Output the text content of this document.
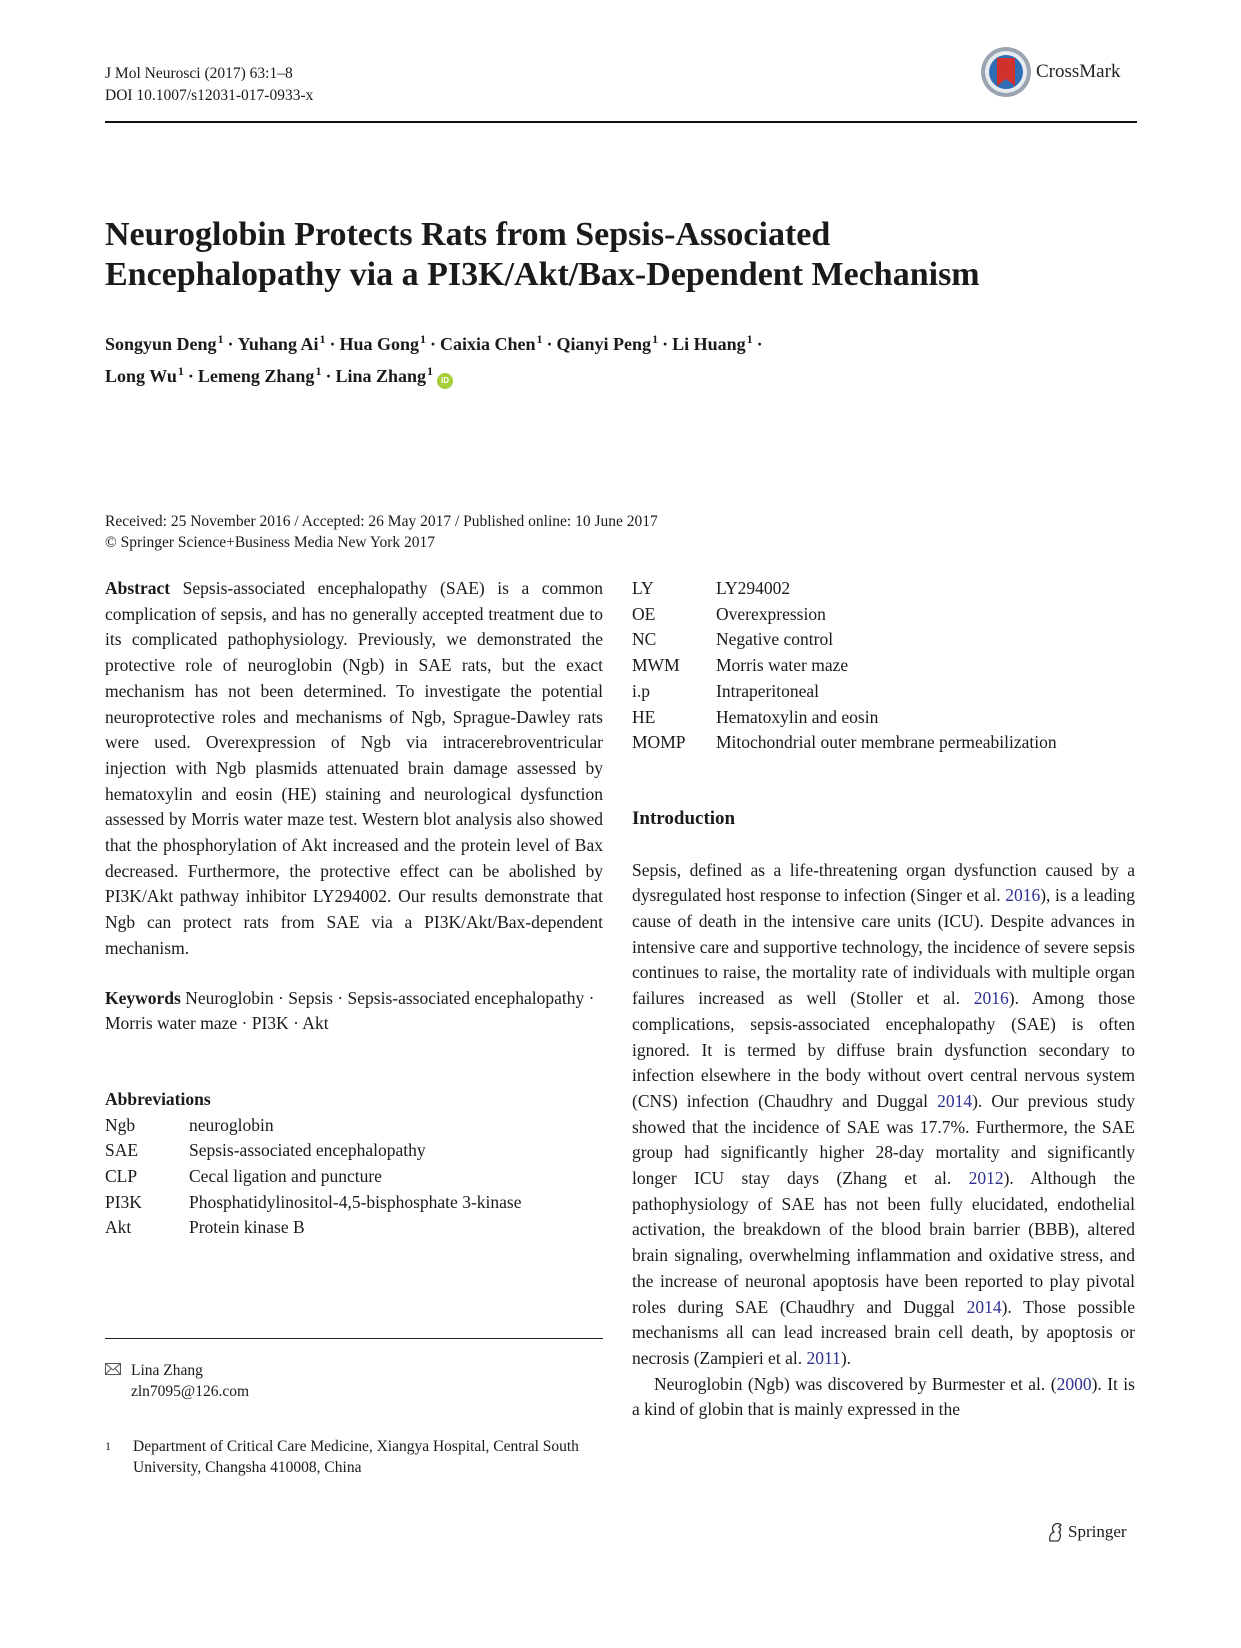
J Mol Neurosci (2017) 63:1–8
DOI 10.1007/s12031-017-0933-x
CrossMark
Neuroglobin Protects Rats from Sepsis-Associated
Encephalopathy via a PI3K/Akt/Bax-Dependent Mechanism
Songyun Deng$^1$ · Yuhang $Ai^1$ · Hua Gong$^1$ · Caixia Chen$^1$ · Qianyi Peng$^1$ · Li Huang$^1$ ·
Long $Wu^1$ · Lemeng Zhang$^1$ · Lina Zhang$^1$iD
Received: 25 November 2016 / Accepted: 26 May 2017 / Published online: 10 June 2017
© Springer Science+Business Media New York 2017

Abstract Sepsis-associated encephalopathy (SAE) is a common complication of sepsis, and has no generally accepted treatment due to its complicated pathophysiology. Previously, we demonstrated the protective role of neuroglobin (Ngb) in SAE rats, but the exact mechanism has not been determined. To investigate the potential neuroprotective roles and mechanisms of Ngb, Sprague-Dawley rats were used. Overexpression of Ngb via intracerebroventricular injection with Ngb plasmids attenuated brain damage assessed by hematoxylin and eosin (HE) staining and neurological dysfunction assessed by Morris water maze test. Western blot analysis also showed that the phosphorylation of Akt increased and the protein level of Bax decreased. Furthermore, the protective effect can be abolished by PI3K/Akt pathway inhibitor LY294002. Our results demonstrate that Ngb can protect rats from SAE via a PI3K/Akt/Bax-dependent mechanism.

Keywords Neuroglobin · Sepsis · Sepsis-associated encephalopathy · Morris water maze · PI3K · Akt

Abbreviations
Ngb	neuroglobin
SAE	Sepsis-associated encephalopathy
CLP	Cecal ligation and puncture
PI3K	Phosphatidylinositol-4,5-bisphosphate 3-kinase
Akt	Protein kinase B
Lina Zhang
zln7095@126.com
1 Department of Critical Care Medicine, Xiangya Hospital, Central South University, Changsha 410008, China
LY	LY294002
OE	Overexpression
NC	Negative control
MWM	Morris water maze
i.p	Intraperitoneal
HE	Hematoxylin and eosin
MOMP	Mitochondrial outer membrane permeabilization
Introduction

Sepsis, defined as a life-threatening organ dysfunction caused by a dysregulated host response to infection (Singer et al. 2016), is a leading cause of death in the intensive care units (ICU). Despite advances in intensive care and supportive technology, the incidence of severe sepsis continues to raise, the mortality rate of individuals with multiple organ failures increased as well (Stoller et al. 2016). Among those complications, sepsis-associated encephalopathy (SAE) is often ignored. It is termed by diffuse brain dysfunction secondary to infection elsewhere in the body without overt central nervous system (CNS) infection (Chaudhry and Duggal 2014). Our previous study showed that the incidence of SAE was 17.7%. Furthermore, the SAE group had significantly higher 28-day mortality and significantly longer ICU stay days (Zhang et al. 2012). Although the pathophysiology of SAE has not been fully elucidated, endothelial activation, the breakdown of the blood brain barrier (BBB), altered brain signaling, overwhelming inflammation and oxidative stress, and the increase of neuronal apoptosis have been reported to play pivotal roles during SAE (Chaudhry and Duggal 2014). Those possible mechanisms all can lead increased brain cell death, by apoptosis or necrosis (Zampieri et al. 2011).

Neuroglobin (Ngb) was discovered by Burmester et al. (2000). It is a kind of globin that is mainly expressed in the

Springer
